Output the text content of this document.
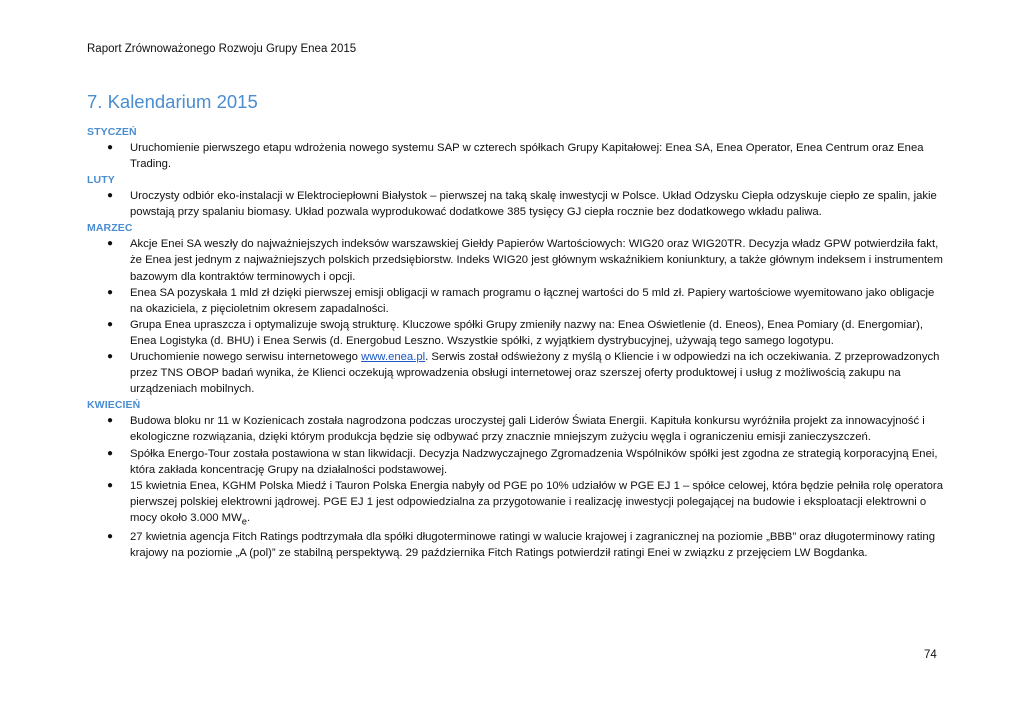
Raport Zrównoważonego Rozwoju Grupy Enea 2015
7. Kalendarium 2015
STYCZEŃ
● Uruchomienie pierwszego etapu wdrożenia nowego systemu SAP w czterech spółkach Grupy Kapitałowej: Enea SA, Enea Operator, Enea Centrum oraz Enea Trading.
LUTY
● Uroczysty odbiór eko-instalacji w Elektrociepłowni Białystok – pierwszej na taką skalę inwestycji w Polsce. Układ Odzysku Ciepła odzyskuje ciepło ze spalin, jakie powstają przy spalaniu biomasy. Układ pozwala wyprodukować dodatkowe 385 tysięcy GJ ciepła rocznie bez dodatkowego wkładu paliwa.
MARZEC
● Akcje Enei SA weszły do najważniejszych indeksów warszawskiej Giełdy Papierów Wartościowych: WIG20 oraz WIG20TR. Decyzja władz GPW potwierdziła fakt, że Enea jest jednym z najważniejszych polskich przedsiębiorstw. Indeks WIG20 jest głównym wskaźnikiem koniunktury, a także głównym indeksem i instrumentem bazowym dla kontraktów terminowych i opcji.
● Enea SA pozyskała 1 mld zł dzięki pierwszej emisji obligacji w ramach programu o łącznej wartości do 5 mld zł. Papiery wartościowe wyemitowano jako obligacje na okaziciela, z pięcioletnim okresem zapadalności.
● Grupa Enea upraszcza i optymalizuje swoją strukturę. Kluczowe spółki Grupy zmieniły nazwy na: Enea Oświetlenie (d. Eneos), Enea Pomiary (d. Energomiar), Enea Logistyka (d. BHU) i Enea Serwis (d. Energobud Leszno. Wszystkie spółki, z wyjątkiem dystrybucyjnej, używają tego samego logotypu.
● Uruchomienie nowego serwisu internetowego www.enea.pl. Serwis został odświeżony z myślą o Kliencie i w odpowiedzi na ich oczekiwania. Z przeprowadzonych przez TNS OBOP badań wynika, że Klienci oczekują wprowadzenia obsługi internetowej oraz szerszej oferty produktowej i usług z możliwością zakupu na urządzeniach mobilnych.
KWIECIEŃ
● Budowa bloku nr 11 w Kozienicach została nagrodzona podczas uroczystej gali Liderów Świata Energii. Kapituła konkursu wyróżniła projekt za innowacyjność i ekologiczne rozwiązania, dzięki którym produkcja będzie się odbywać przy znacznie mniejszym zużyciu węgla i ograniczeniu emisji zanieczyszczeń.
● Spółka Energo-Tour została postawiona w stan likwidacji. Decyzja Nadzwyczajnego Zgromadzenia Wspólników spółki jest zgodna ze strategią korporacyjną Enei, która zakłada koncentrację Grupy na działalności podstawowej.
● 15 kwietnia Enea, KGHM Polska Miedź i Tauron Polska Energia nabyły od PGE po 10% udziałów w PGE EJ 1 – spółce celowej, która będzie pełniła rolę operatora pierwszej polskiej elektrowni jądrowej. PGE EJ 1 jest odpowiedzialna za przygotowanie i realizację inwestycji polegającej na budowie i eksploatacji elektrowni o mocy około 3.000 $MW_e$.
● 27 kwietnia agencja Fitch Ratings podtrzymała dla spółki długoterminowe ratingi w walucie krajowej i zagranicznej na poziomie „BBB” oraz długoterminowy rating krajowy na poziomie „A (pol)” ze stabilną perspektywą. 29 października Fitch Ratings potwierdził ratingi Enei w związku z przejęciem LW Bogdanka.
74
